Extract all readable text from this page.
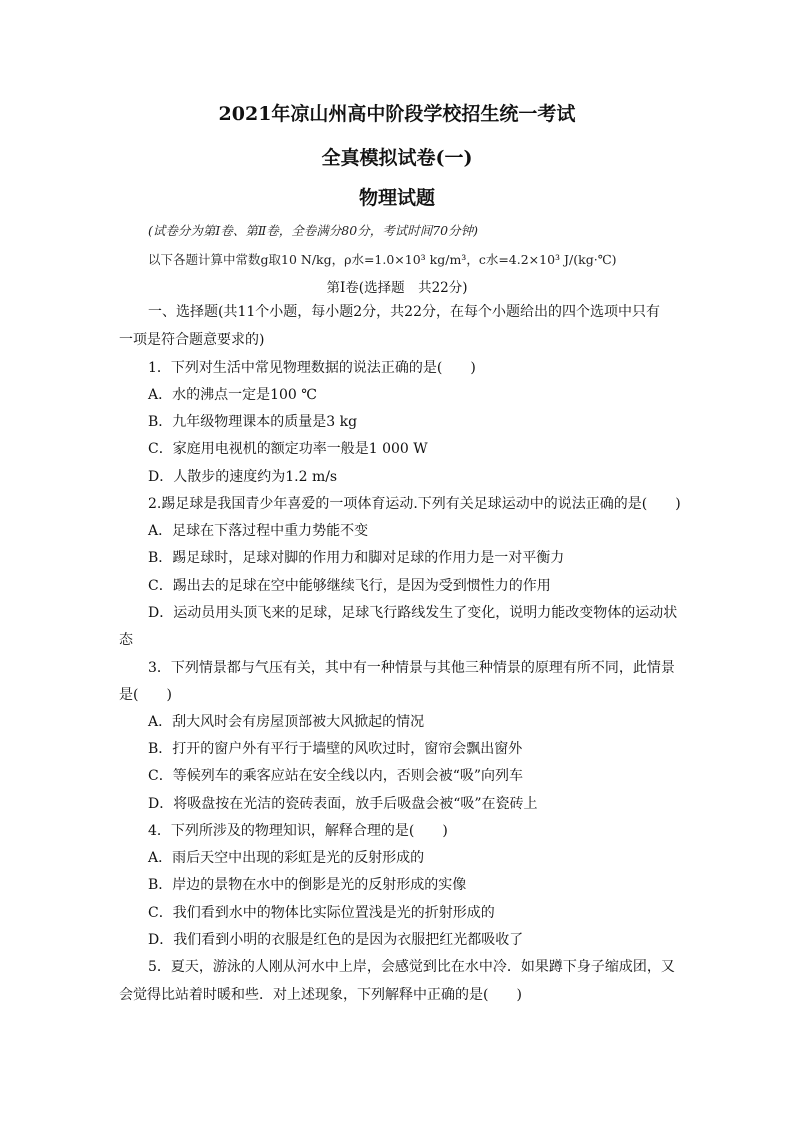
2021年凉山州高中阶段学校招生统一考试
全真模拟试卷(一)
物理试题
(试卷分为第Ⅰ卷、第Ⅱ卷，全卷满分80分，考试时间70分钟)
以下各题计算中常数g取10 N/kg，ρ水=1.0×10³ kg/m³，c水=4.2×10³ J/(kg·℃)
第Ⅰ卷(选择题　共22分)
一、选择题(共11个小题，每小题2分，共22分，在每个小题给出的四个选项中只有
一项是符合题意要求的)
1．下列对生活中常见物理数据的说法正确的是(　　)
A．水的沸点一定是100 ℃
B．九年级物理课本的质量是3 kg
C．家庭用电视机的额定功率一般是1 000 W
D．人散步的速度约为1.2 m/s
2.踢足球是我国青少年喜爱的一项体育运动.下列有关足球运动中的说法正确的是(　　)
A．足球在下落过程中重力势能不变
B．踢足球时，足球对脚的作用力和脚对足球的作用力是一对平衡力
C．踢出去的足球在空中能够继续飞行，是因为受到惯性力的作用
D．运动员用头顶飞来的足球，足球飞行路线发生了变化，说明力能改变物体的运动状
态
3．下列情景都与气压有关，其中有一种情景与其他三种情景的原理有所不同，此情景
是(　　)
A．刮大风时会有房屋顶部被大风掀起的情况
B．打开的窗户外有平行于墙壁的风吹过时，窗帘会飘出窗外
C．等候列车的乘客应站在安全线以内，否则会被“吸”向列车
D．将吸盘按在光洁的瓷砖表面，放手后吸盘会被“吸”在瓷砖上
4．下列所涉及的物理知识，解释合理的是(　　)
A．雨后天空中出现的彩虹是光的反射形成的
B．岸边的景物在水中的倒影是光的反射形成的实像
C．我们看到水中的物体比实际位置浅是光的折射形成的
D．我们看到小明的衣服是红色的是因为衣服把红光都吸收了
5．夏天，游泳的人刚从河水中上岸，会感觉到比在水中冷．如果蹲下身子缩成团，又
会觉得比站着时暖和些．对上述现象，下列解释中正确的是(　　)
